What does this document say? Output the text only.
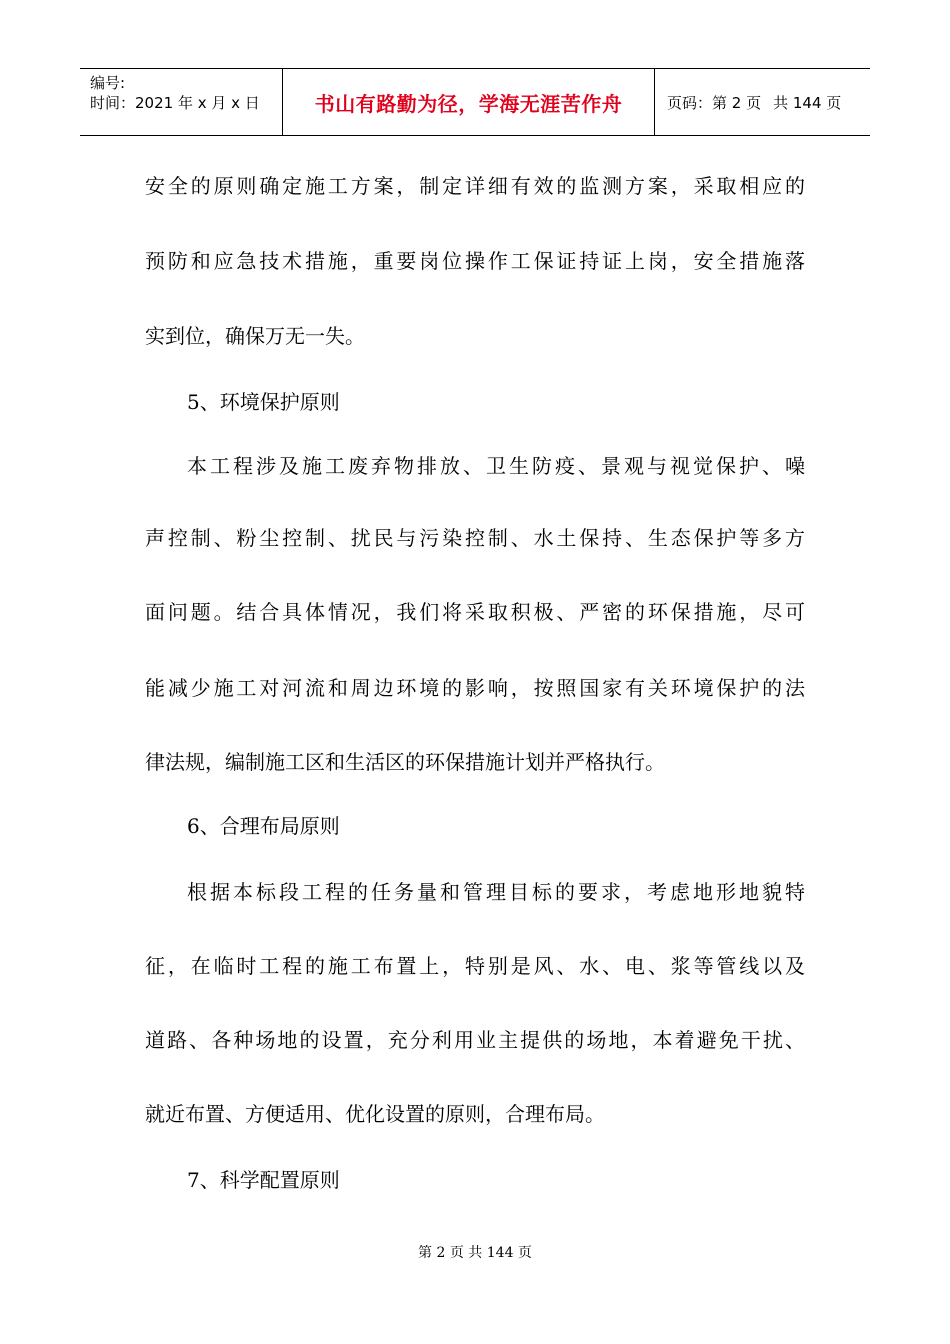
编号:
时间：2021 年 x 月 x 日	书山有路勤为径，学海无涯苦作舟	页码：第 2 页 共 144 页
安全的原则确定施工方案，制定详细有效的监测方案，采取相应的
预防和应急技术措施，重要岗位操作工保证持证上岗，安全措施落
实到位，确保万无一失。
5、环境保护原则
本工程涉及施工废弃物排放、卫生防疫、景观与视觉保护、噪
声控制、粉尘控制、扰民与污染控制、水土保持、生态保护等多方
面问题。结合具体情况，我们将采取积极、严密的环保措施，尽可
能减少施工对河流和周边环境的影响，按照国家有关环境保护的法
律法规，编制施工区和生活区的环保措施计划并严格执行。
6、合理布局原则
根据本标段工程的任务量和管理目标的要求，考虑地形地貌特
征，在临时工程的施工布置上，特别是风、水、电、浆等管线以及
道路、各种场地的设置，充分利用业主提供的场地，本着避免干扰、
就近布置、方便适用、优化设置的原则，合理布局。
7、科学配置原则
第 2 页 共 144 页
